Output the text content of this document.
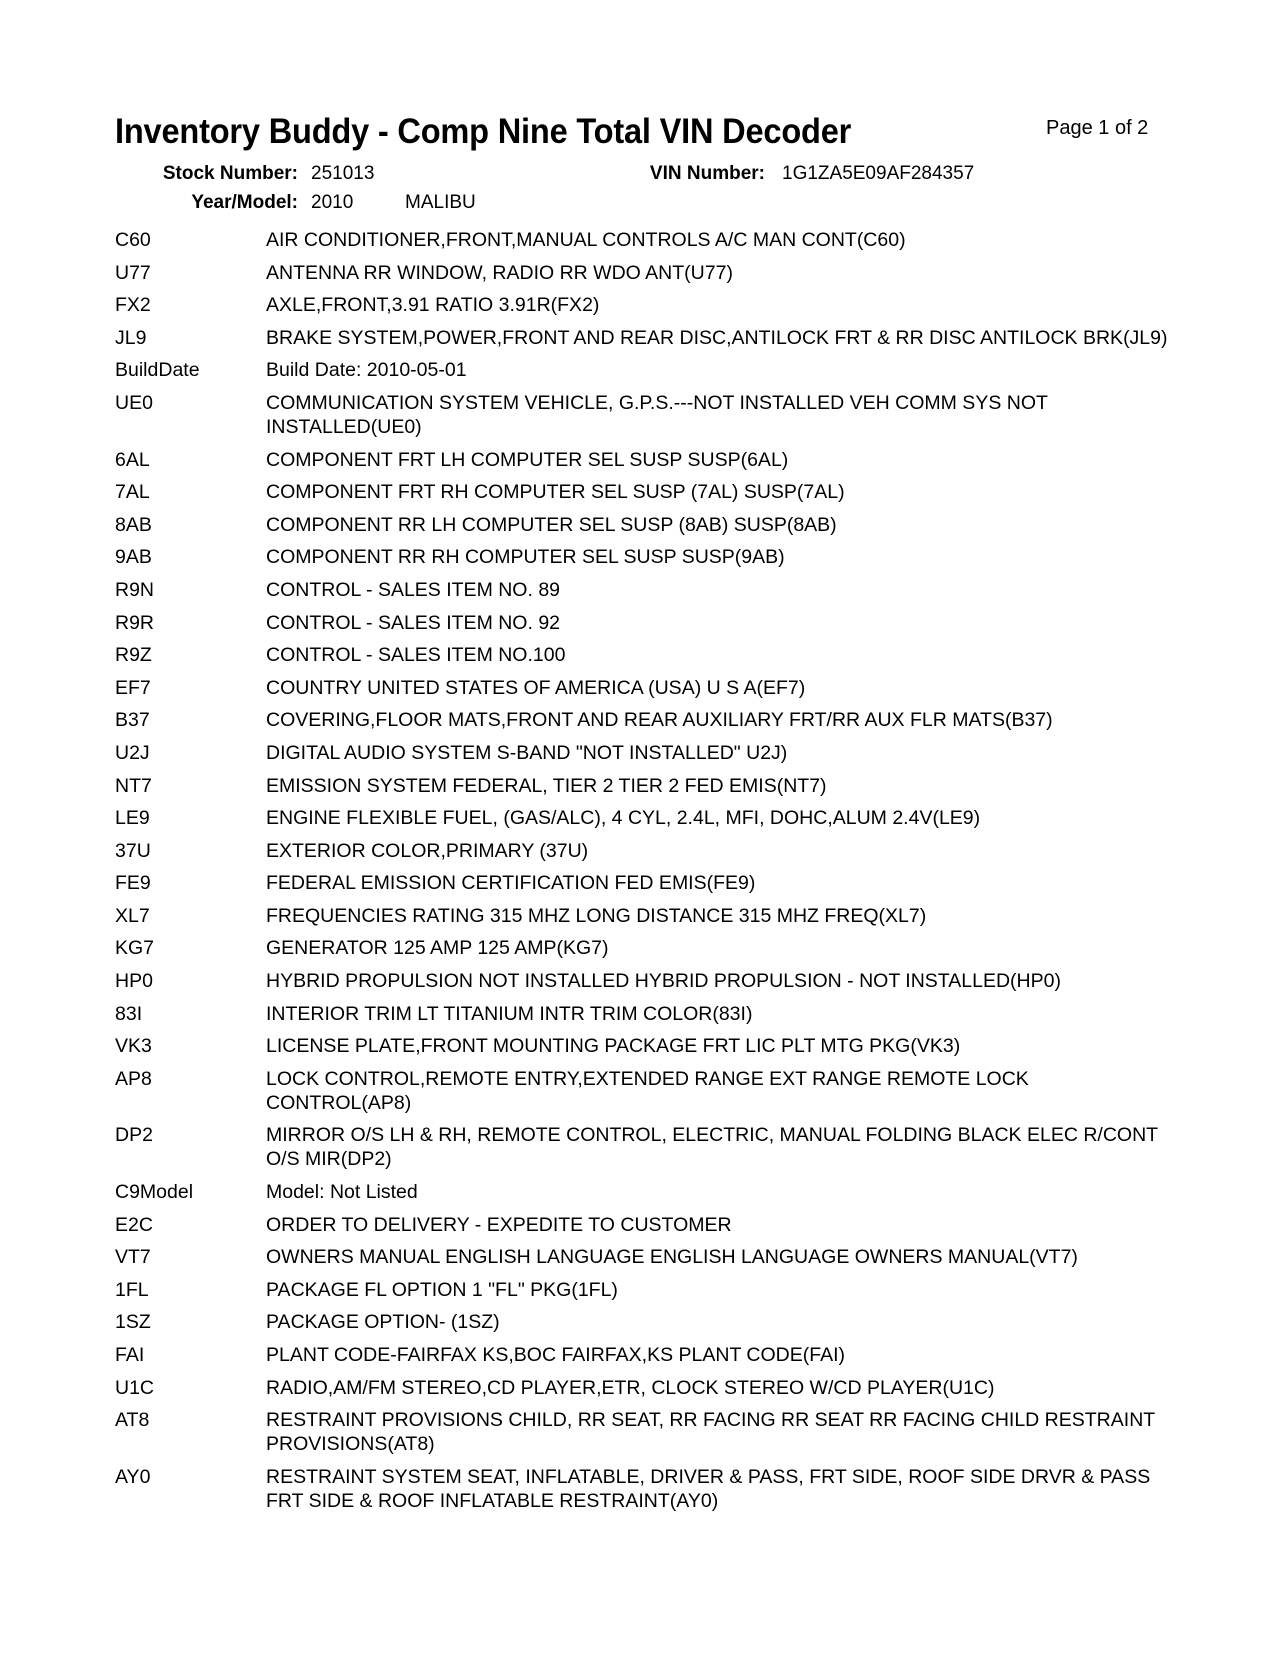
Inventory Buddy - Comp Nine Total VIN Decoder	Page 1 of 2
Stock Number: 251013	VIN Number: 1G1ZA5E09AF284357
Year/Model: 2010	MALIBU
C60	AIR CONDITIONER,FRONT,MANUAL CONTROLS A/C MAN CONT(C60)
U77	ANTENNA RR WINDOW, RADIO RR WDO ANT(U77)
FX2	AXLE,FRONT,3.91 RATIO 3.91R(FX2)
JL9	BRAKE SYSTEM,POWER,FRONT AND REAR DISC,ANTILOCK FRT & RR DISC ANTILOCK BRK(JL9)
BuildDate	Build Date: 2010-05-01
UE0	COMMUNICATION SYSTEM VEHICLE, G.P.S.---NOT INSTALLED VEH COMM SYS NOT INSTALLED(UE0)
6AL	COMPONENT FRT LH COMPUTER SEL SUSP SUSP(6AL)
7AL	COMPONENT FRT RH COMPUTER SEL SUSP (7AL) SUSP(7AL)
8AB	COMPONENT RR LH COMPUTER SEL SUSP (8AB) SUSP(8AB)
9AB	COMPONENT RR RH COMPUTER SEL SUSP SUSP(9AB)
R9N	CONTROL - SALES ITEM NO. 89
R9R	CONTROL - SALES ITEM NO. 92
R9Z	CONTROL - SALES ITEM NO.100
EF7	COUNTRY UNITED STATES OF AMERICA (USA) U S A(EF7)
B37	COVERING,FLOOR MATS,FRONT AND REAR AUXILIARY FRT/RR AUX FLR MATS(B37)
U2J	DIGITAL AUDIO SYSTEM S-BAND "NOT INSTALLED" U2J)
NT7	EMISSION SYSTEM FEDERAL, TIER 2 TIER 2 FED EMIS(NT7)
LE9	ENGINE FLEXIBLE FUEL, (GAS/ALC), 4 CYL, 2.4L, MFI, DOHC,ALUM 2.4V(LE9)
37U	EXTERIOR COLOR,PRIMARY (37U)
FE9	FEDERAL EMISSION CERTIFICATION FED EMIS(FE9)
XL7	FREQUENCIES RATING 315 MHZ LONG DISTANCE 315 MHZ FREQ(XL7)
KG7	GENERATOR 125 AMP 125 AMP(KG7)
HP0	HYBRID PROPULSION NOT INSTALLED HYBRID PROPULSION - NOT INSTALLED(HP0)
83I	INTERIOR TRIM LT TITANIUM INTR TRIM COLOR(83I)
VK3	LICENSE PLATE,FRONT MOUNTING PACKAGE FRT LIC PLT MTG PKG(VK3)
AP8	LOCK CONTROL,REMOTE ENTRY,EXTENDED RANGE EXT RANGE REMOTE LOCK CONTROL(AP8)
DP2	MIRROR O/S LH & RH, REMOTE CONTROL, ELECTRIC, MANUAL FOLDING BLACK ELEC R/CONT O/S MIR(DP2)
C9Model	Model: Not Listed
E2C	ORDER TO DELIVERY - EXPEDITE TO CUSTOMER
VT7	OWNERS MANUAL ENGLISH LANGUAGE ENGLISH LANGUAGE OWNERS MANUAL(VT7)
1FL	PACKAGE FL OPTION 1 "FL" PKG(1FL)
1SZ	PACKAGE OPTION- (1SZ)
FAI	PLANT CODE-FAIRFAX KS,BOC FAIRFAX,KS PLANT CODE(FAI)
U1C	RADIO,AM/FM STEREO,CD PLAYER,ETR, CLOCK STEREO W/CD PLAYER(U1C)
AT8	RESTRAINT PROVISIONS CHILD, RR SEAT, RR FACING RR SEAT RR FACING CHILD RESTRAINT PROVISIONS(AT8)
AY0	RESTRAINT SYSTEM SEAT, INFLATABLE, DRIVER & PASS, FRT SIDE, ROOF SIDE DRVR & PASS FRT SIDE & ROOF INFLATABLE RESTRAINT(AY0)
